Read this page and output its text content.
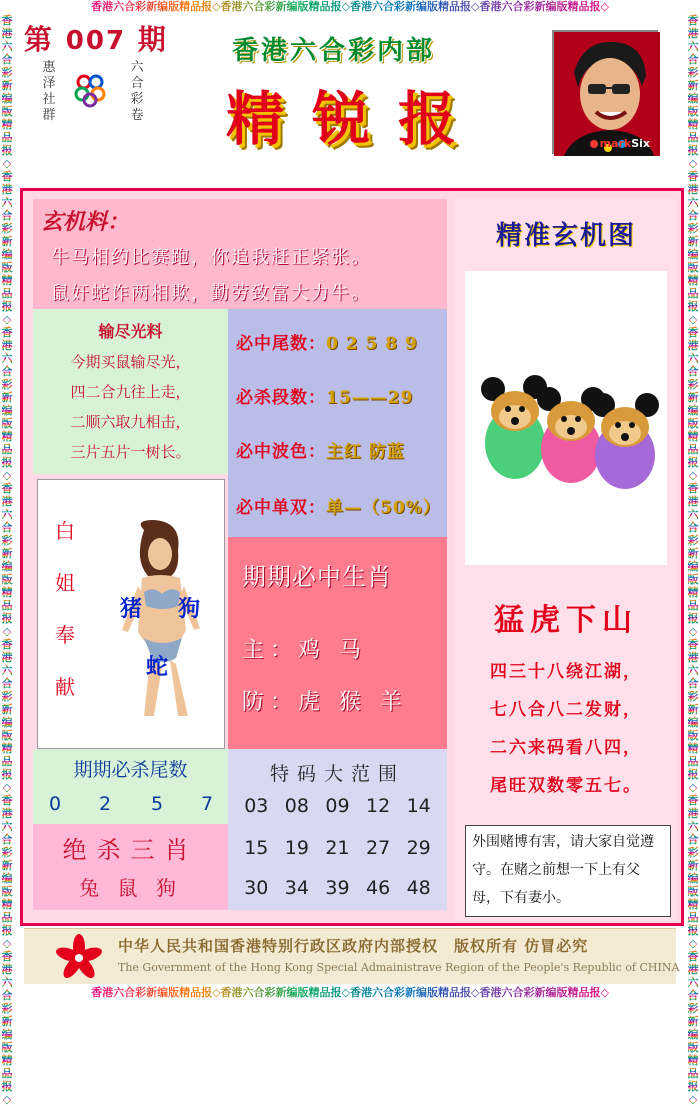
香港六合彩新编版精品报◇香港六合彩新编版精品报◇香港六合彩新编版精品报◇香港六合彩新编版精品报◇
香港六合彩新编版精品报◇香港六合彩新编版精品报◇香港六合彩新编版精品报◇香港六合彩新编版精品报◇
香港六合彩新编版精品报◇香港六合彩新编版精品报◇香港六合彩新编版精品报◇香港六合彩新编版精品报◇香港六合彩新编版精品报◇香港六合彩新编版精品报◇香港六合彩新编版精品报◇
香港六合彩新编版精品报◇香港六合彩新编版精品报◇香港六合彩新编版精品报◇香港六合彩新编版精品报◇香港六合彩新编版精品报◇香港六合彩新编版精品报◇香港六合彩新编版精品报◇
第 007 期
惠泽社群
六合彩卷
香港六合彩内部
精锐报	markSix
玄机料：
牛马相约比赛跑，你追我赶正紧张。
鼠奸蛇诈两相欺，勤劳致富大力牛。
输尽光料
今期买鼠输尽光，
四二合九往上走，
二顺六取九相击，
三片五片一树长。
必中尾数：0 2 5 8 9
必杀段数：15——29
必中波色：主红 防蓝
必中单双：单—（50%）
白
姐
奉
献
猪 狗
蛇
期期必中生肖
主：鸡 马
防：虎 猴 羊
期期必杀尾数
0 2 5 7
绝杀三肖
兔 鼠 狗
特码大范围
03 08 09 12 14
15 19 21 27 29
30 34 39 46 48
精准玄机图
猛虎下山
四三十八绕江湖，
七八合八二发财，
二六来码看八四，
尾旺双数零五七。
外围赌博有害，请大家自觉遵守。在赌之前想一下上有父母，下有妻小。
中华人民共和国香港特别行政区政府内部授权　版权所有 仿冒必究
The Government of the Hong Kong Special Admainistrave Region of the People's Republic of CHINA
